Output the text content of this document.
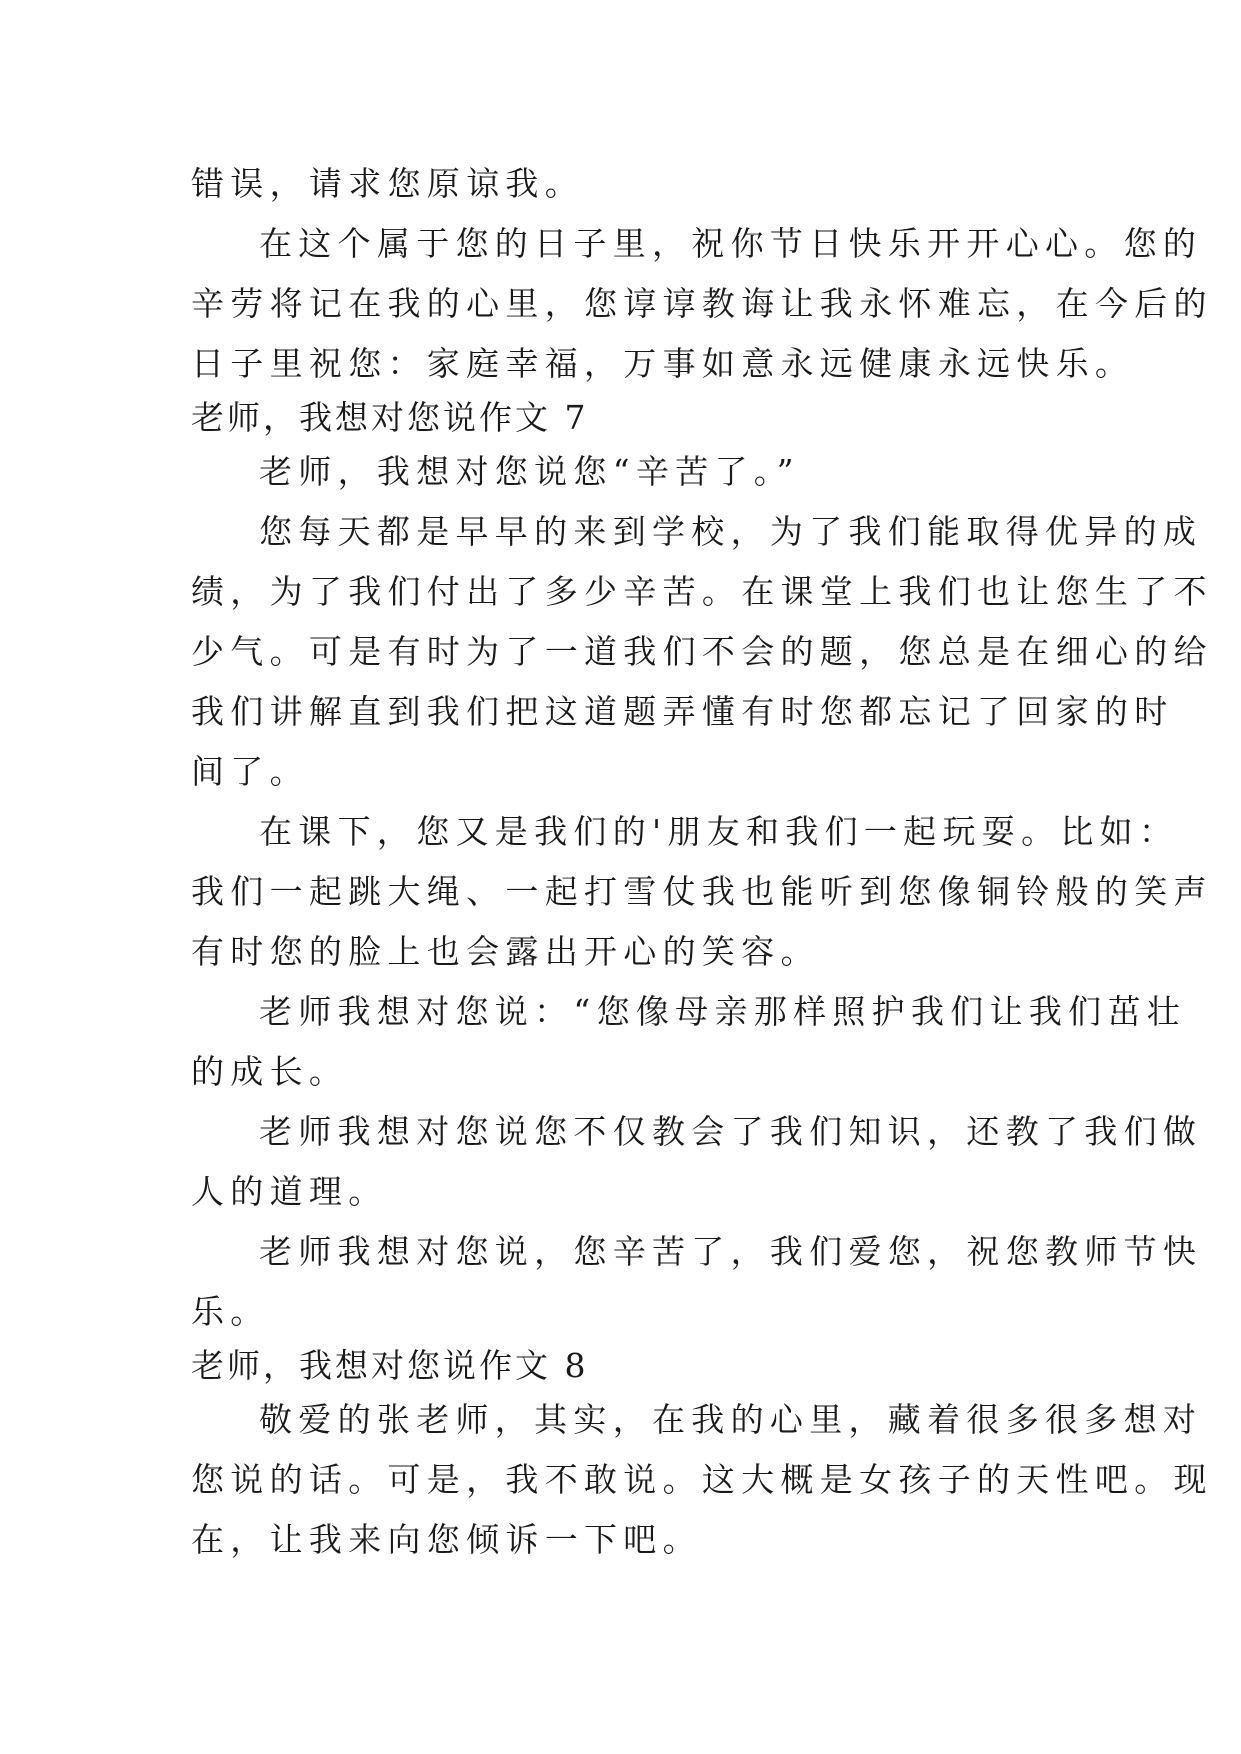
错误，请求您原谅我。

在这个属于您的日子里，祝你节日快乐开开心心。您的

辛劳将记在我的心里，您谆谆教诲让我永怀难忘，在今后的

日子里祝您：家庭幸福，万事如意永远健康永远快乐。

老师，我想对您说作文 7

老师，我想对您说您“辛苦了。”

您每天都是早早的来到学校，为了我们能取得优异的成

绩，为了我们付出了多少辛苦。在课堂上我们也让您生了不

少气。可是有时为了一道我们不会的题，您总是在细心的给

我们讲解直到我们把这道题弄懂有时您都忘记了回家的时

间了。

在课下，您又是我们的'朋友和我们一起玩耍。比如：

我们一起跳大绳、一起打雪仗我也能听到您像铜铃般的笑声

有时您的脸上也会露出开心的笑容。

老师我想对您说：“您像母亲那样照护我们让我们茁壮

的成长。

老师我想对您说您不仅教会了我们知识，还教了我们做

人的道理。

老师我想对您说，您辛苦了，我们爱您，祝您教师节快

乐。

老师，我想对您说作文 8

敬爱的张老师，其实，在我的心里，藏着很多很多想对

您说的话。可是，我不敢说。这大概是女孩子的天性吧。现

在，让我来向您倾诉一下吧。
